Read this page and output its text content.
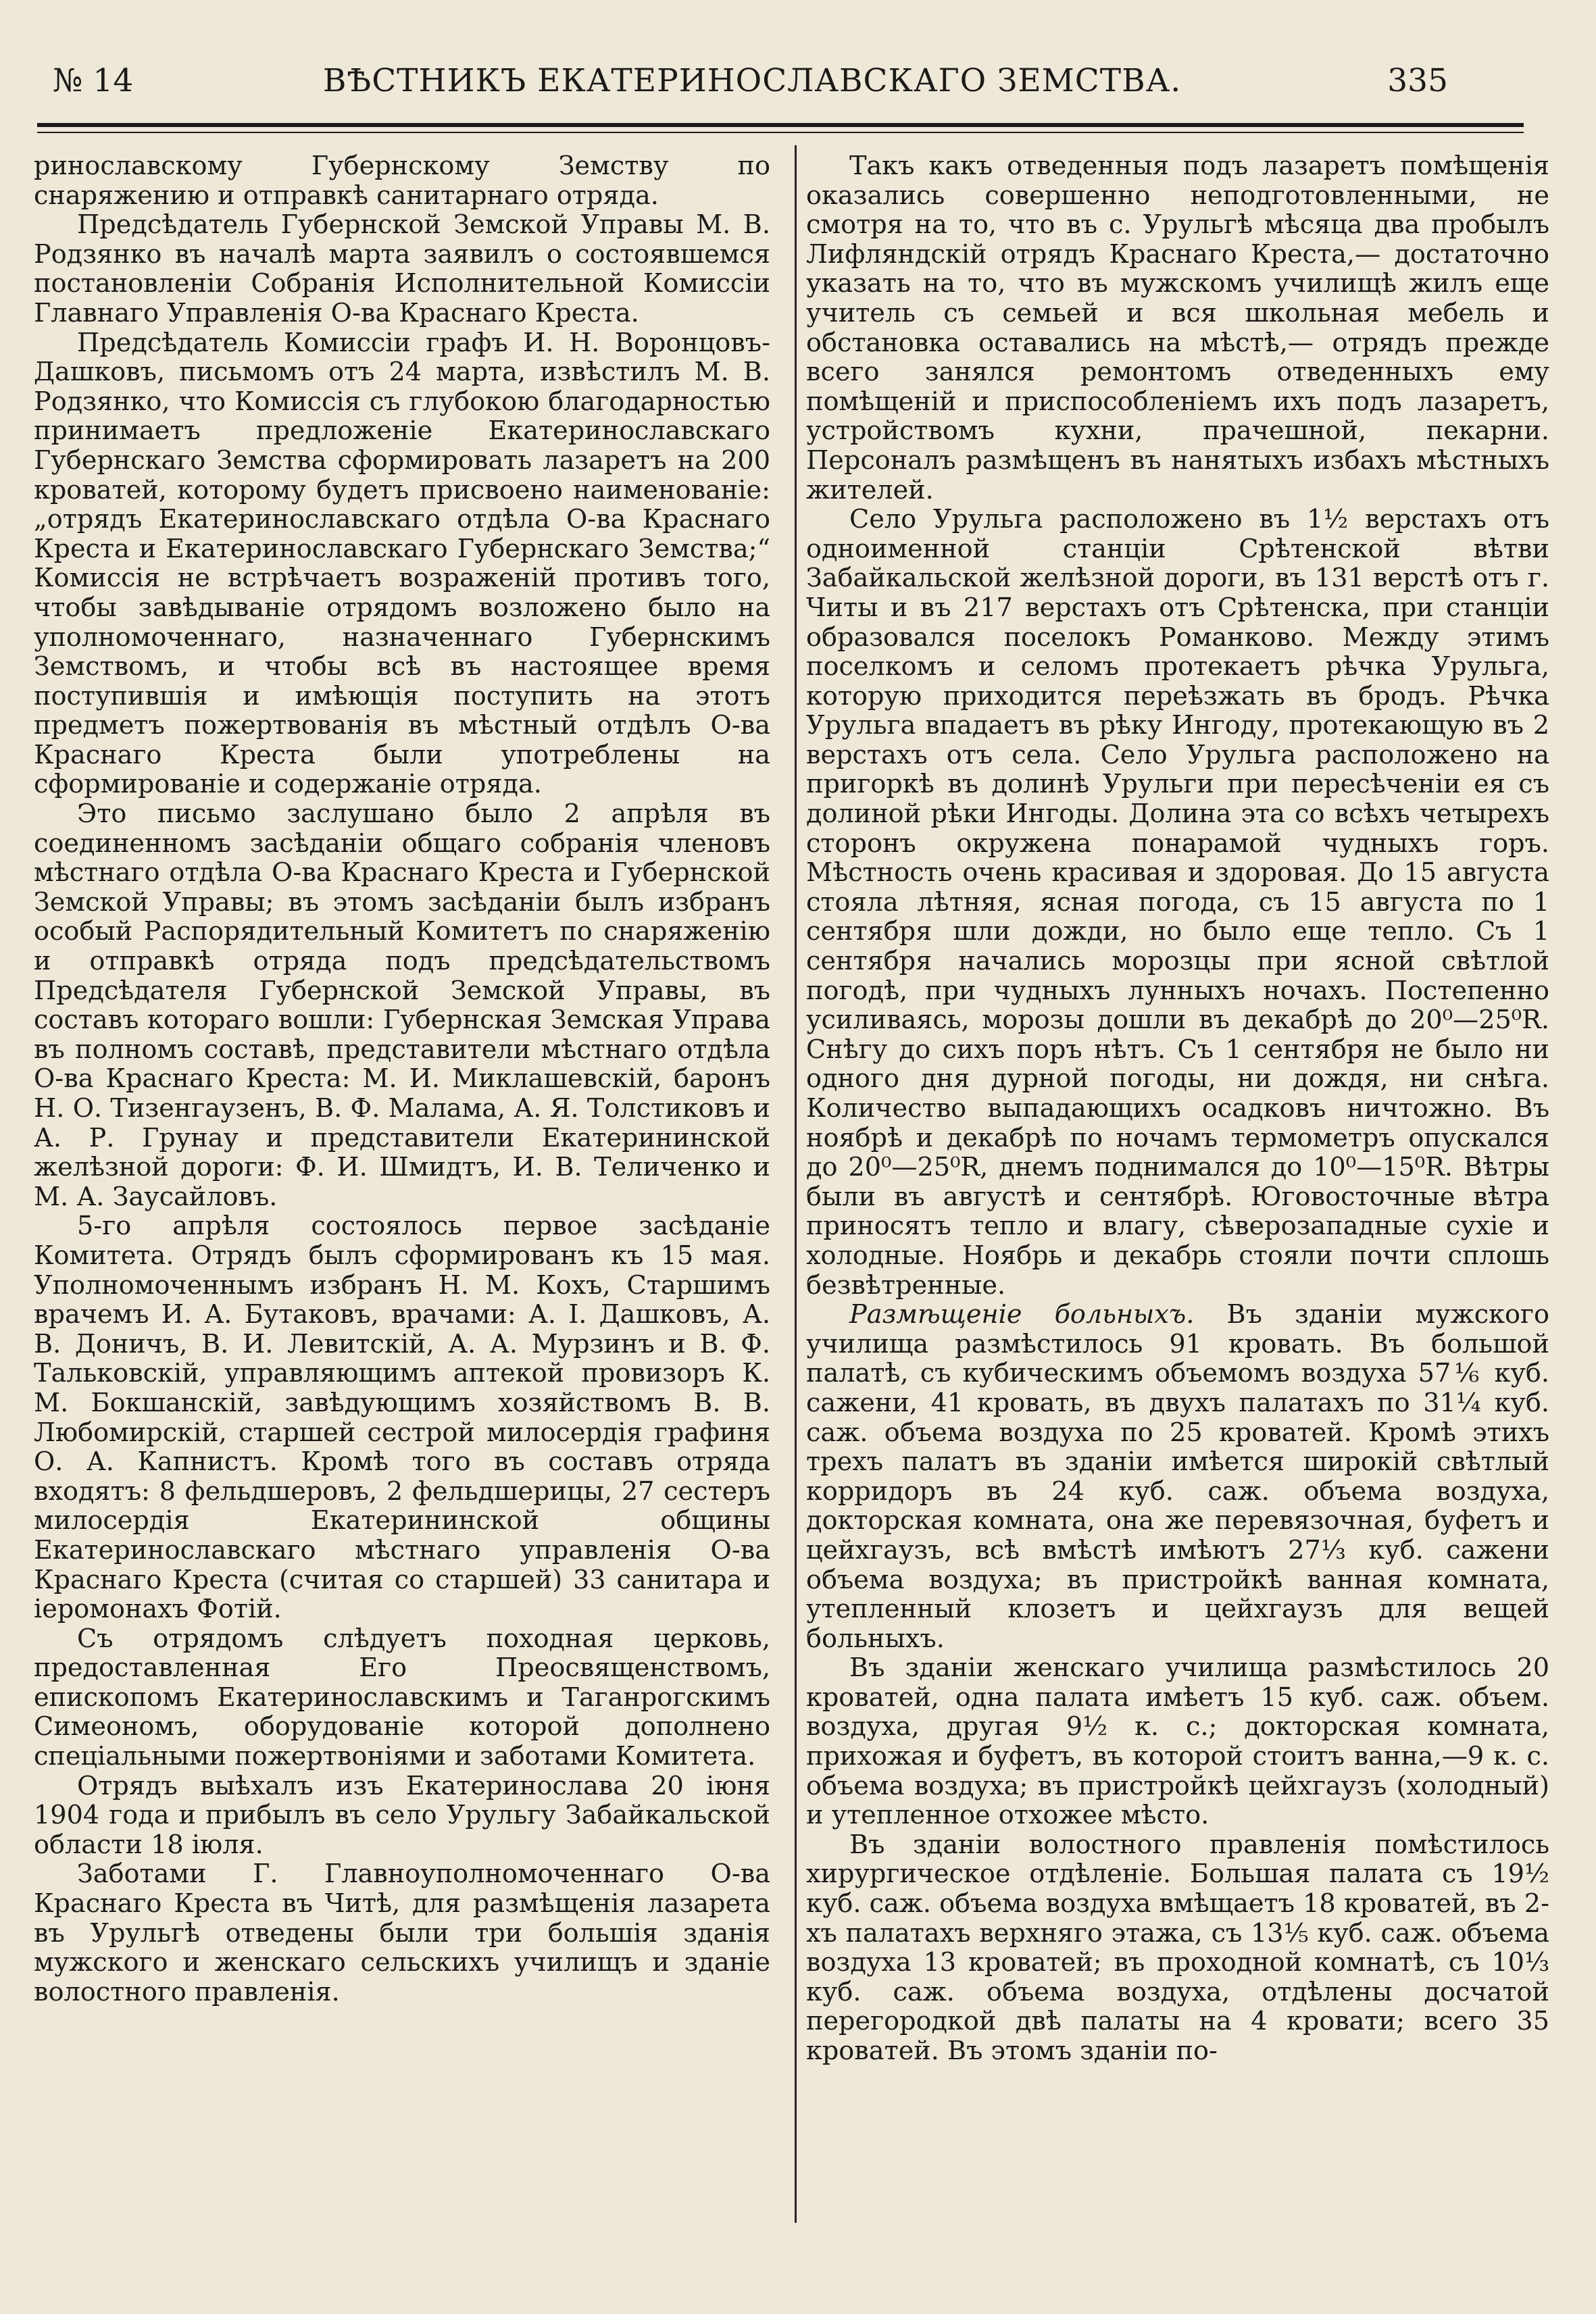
№ 14	ВѢСТНИКЪ ЕКАТЕРИНОСЛАВСКАГО ЗЕМСТВА.	335

ринославскому Губернскому Земству по снаряжению и отправкѣ санитарнаго отряда.

Предсѣдатель Губернской Земской Управы М. В. Родзянко въ началѣ марта заявилъ о состоявшемся постановленіи Собранія Исполнительной Комиссіи Главнаго Управленія О-ва Краснаго Креста.

Предсѣдатель Комиссіи графъ И. Н. Воронцовъ-Дашковъ, письмомъ отъ 24 марта, извѣстилъ М. В. Родзянко, что Комиссія съ глубокою благодарностью принимаетъ предложеніе Екатеринославскаго Губернскаго Земства сформировать лазаретъ на 200 кроватей, которому будетъ присвоено наименованіе: „отрядъ Екатеринославскаго отдѣла О-ва Краснаго Креста и Екатеринославскаго Губернскаго Земства;“ Комиссія не встрѣчаетъ возраженій противъ того, чтобы завѣдываніе отрядомъ возложено было на уполномоченнаго, назначеннаго Губернскимъ Земствомъ, и чтобы всѣ въ настоящее время поступившія и имѣющія поступить на этотъ предметъ пожертвованія въ мѣстный отдѣлъ О-ва Краснаго Креста были употреблены на сформированіе и содержаніе отряда.

Это письмо заслушано было 2 апрѣля въ соединенномъ засѣданіи общаго собранія членовъ мѣстнаго отдѣла О-ва Краснаго Креста и Губернской Земской Управы; въ этомъ засѣданіи былъ избранъ особый Распорядительный Комитетъ по снаряженію и отправкѣ отряда подъ предсѣдательствомъ Предсѣдателя Губернской Земской Управы, въ составъ котораго вошли: Губернская Земская Управа въ полномъ составѣ, представители мѣстнаго отдѣла О-ва Краснаго Креста: М. И. Миклашевскій, баронъ Н. О. Тизенгаузенъ, В. Ф. Малама, А. Я. Толстиковъ и А. Р. Грунау и представители Екатерининской желѣзной дороги: Ф. И. Шмидтъ, И. В. Теличенко и М. А. Заусайловъ.

5-го апрѣля состоялось первое засѣданіе Комитета. Отрядъ былъ сформированъ къ 15 мая. Уполномоченнымъ избранъ Н. М. Кохъ, Старшимъ врачемъ И. А. Бутаковъ, врачами: А. І. Дашковъ, А. В. Доничъ, В. И. Левитскій, А. А. Мурзинъ и В. Ф. Тальковскій, управляющимъ аптекой провизоръ К. М. Бокшанскій, завѣдующимъ хозяйствомъ В. В. Любомирскій, старшей сестрой милосердія графиня О. А. Капнистъ. Кромѣ того въ составъ отряда входятъ: 8 фельдшеровъ, 2 фельдшерицы, 27 сестеръ милосердія Екатерининской общины Екатеринославскаго мѣстнаго управленія О-ва Краснаго Креста (считая со старшей) 33 санитара и іеромонахъ Фотій.

Съ отрядомъ слѣдуетъ походная церковь, предоставленная Его Преосвященствомъ, епископомъ Екатеринославскимъ и Таганрогскимъ Симеономъ, оборудованіе которой дополнено спеціальными пожертвоніями и заботами Комитета.

Отрядъ выѣхалъ изъ Екатеринослава 20 іюня 1904 года и прибылъ въ село Урульгу Забайкальской области 18 іюля.

Заботами Г. Главноуполномоченнаго О-ва Краснаго Креста въ Читѣ, для размѣщенія лазарета въ Урульгѣ отведены были три большія зданія мужского и женскаго сельскихъ училищъ и зданіе волостного правленія.

Такъ какъ отведенныя подъ лазаретъ помѣщенія оказались совершенно неподготовленными, не смотря на то, что въ с. Урульгѣ мѣсяца два пробылъ Лифляндскій отрядъ Краснаго Креста,— достаточно указать на то, что въ мужскомъ училищѣ жилъ еще учитель съ семьей и вся школьная мебель и обстановка оставались на мѣстѣ,— отрядъ прежде всего занялся ремонтомъ отведенныхъ ему помѣщеній и приспособленіемъ ихъ подъ лазаретъ, устройствомъ кухни, прачешной, пекарни. Персоналъ размѣщенъ въ нанятыхъ избахъ мѣстныхъ жителей.

Село Урульга расположено въ 1½ верстахъ отъ одноименной станціи Срѣтенской вѣтви Забайкальской желѣзной дороги, въ 131 верстѣ отъ г. Читы и въ 217 верстахъ отъ Срѣтенска, при станціи образовался поселокъ Романково. Между этимъ поселкомъ и селомъ протекаетъ рѣчка Урульга, которую приходится переѣзжать въ бродъ. Рѣчка Урульга впадаетъ въ рѣку Ингоду, протекающую въ 2 верстахъ отъ села. Село Урульга расположено на пригоркѣ въ долинѣ Урульги при пересѣченіи ея съ долиной рѣки Ингоды. Долина эта со всѣхъ четырехъ сторонъ окружена понарамой чудныхъ горъ. Мѣстность очень красивая и здоровая. До 15 августа стояла лѣтняя, ясная погода, съ 15 августа по 1 сентября шли дожди, но было еще тепло. Съ 1 сентября начались морозцы при ясной свѣтлой погодѣ, при чудныхъ лунныхъ ночахъ. Постепенно усиливаясь, морозы дошли въ декабрѣ до 20⁰—25⁰R. Снѣгу до сихъ поръ нѣтъ. Съ 1 сентября не было ни одного дня дурной погоды, ни дождя, ни снѣга. Количество выпадающихъ осадковъ ничтожно. Въ ноябрѣ и декабрѣ по ночамъ термометръ опускался до 20⁰—25⁰R, днемъ поднимался до 10⁰—15⁰R. Вѣтры были въ августѣ и сентябрѣ. Юговосточные вѣтра приносятъ тепло и влагу, сѣверозападные сухіе и холодные. Ноябрь и декабрь стояли почти сплошь безвѣтренные.

Размѣщеніе больныхъ. Въ зданіи мужского училища размѣстилось 91 кровать. Въ большой палатѣ, съ кубическимъ объемомъ воздуха 57⅙ куб. сажени, 41 кровать, въ двухъ палатахъ по 31¼ куб. саж. объема воздуха по 25 кроватей. Кромѣ этихъ трехъ палатъ въ зданіи имѣется широкій свѣтлый корридоръ въ 24 куб. саж. объема воздуха, докторская комната, она же перевязочная, буфетъ и цейхгаузъ, всѣ вмѣстѣ имѣютъ 27⅓ куб. сажени объема воздуха; въ пристройкѣ ванная комната, утепленный клозетъ и цейхгаузъ для вещей больныхъ.

Въ зданіи женскаго училища размѣстилось 20 кроватей, одна палата имѣетъ 15 куб. саж. объем. воздуха, другая 9½ к. с.; докторская комната, прихожая и буфетъ, въ которой стоитъ ванна,—9 к. с. объема воздуха; въ пристройкѣ цейхгаузъ (холодный) и утепленное отхожее мѣсто.

Въ зданіи волостного правленія помѣстилось хирургическое отдѣленіе. Большая палата съ 19½ куб. саж. объема воздуха вмѣщаетъ 18 кроватей, въ 2-хъ палатахъ верхняго этажа, съ 13⅕ куб. саж. объема воздуха 13 кроватей; въ проходной комнатѣ, съ 10⅓ куб. саж. объема воздуха, отдѣлены досчатой перегородкой двѣ палаты на 4 кровати; всего 35 кроватей. Въ этомъ зданіи по-
